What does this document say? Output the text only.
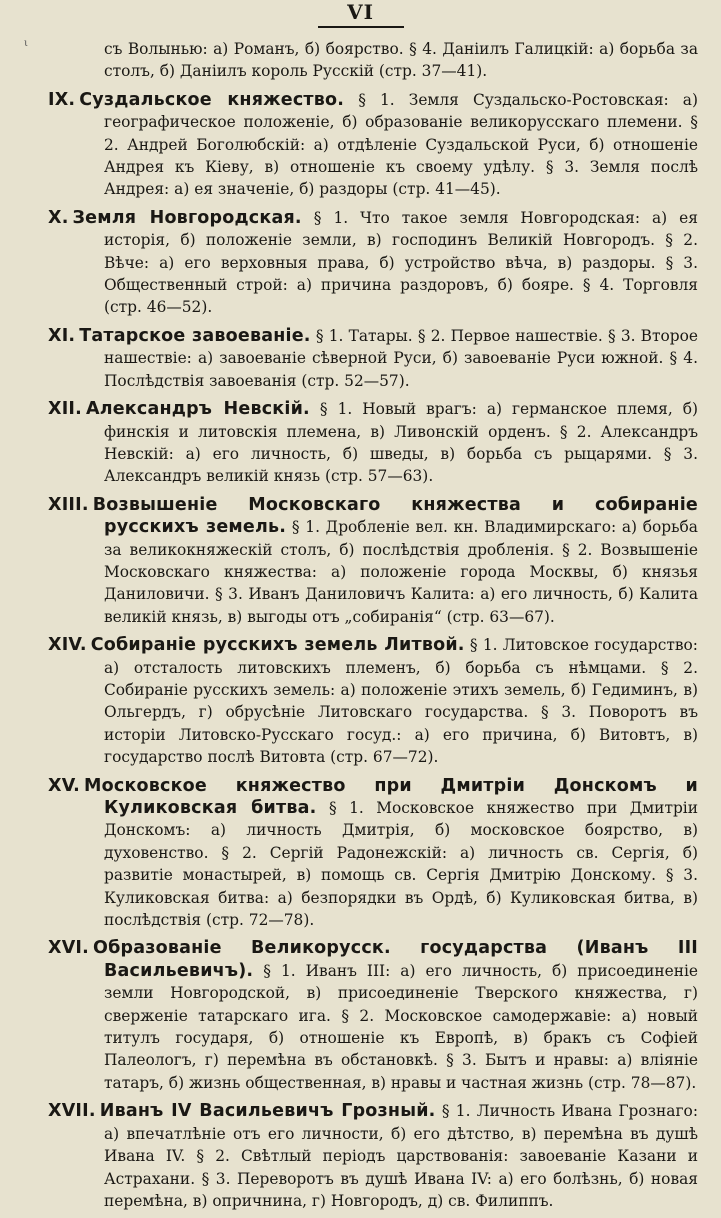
VI
ι	съ Волынью: а) Романъ, б) боярство. § 4. Даніилъ Галицкій: а) борьба за столъ, б) Даніилъ король Русскій (стр. 37—41).

IX. Суздальское княжество. § 1. Земля Суздальско-Ростовская: а) географическое положеніе, б) образованіе великорусскаго племени. § 2. Андрей Боголюбскій: а) отдѣленіе Суздальской Руси, б) отношеніе Андрея къ Кіеву, в) отношеніе къ своему удѣлу. § 3. Земля послѣ Андрея: а) ея значеніе, б) раздоры (стр. 41—45).

X. Земля Новгородская. § 1. Что такое земля Новгородская: а) ея исторія, б) положеніе земли, в) господинъ Великій Новгородъ. § 2. Вѣче: а) его верховныя права, б) устройство вѣча, в) раздоры. § 3. Общественный строй: а) причина раздоровъ, б) бояре. § 4. Торговля (стр. 46—52).

XI. Татарское завоеваніе. § 1. Татары. § 2. Первое нашествіе. § 3. Второе нашествіе: а) завоеваніе сѣверной Руси, б) завоеваніе Руси южной. § 4. Послѣдствія завоеванія (стр. 52—57).

XII. Александръ Невскій. § 1. Новый врагъ: а) германское племя, б) финскія и литовскія племена, в) Ливонскій орденъ. § 2. Александръ Невскій: а) его личность, б) шведы, в) борьба съ рыцарями. § 3. Александръ великій князь (стр. 57—63).

XIII. Возвышеніе Московскаго княжества и собираніе русскихъ земель. § 1. Дробленіе вел. кн. Владимирскаго: а) борьба за великокняжескій столъ, б) послѣдствія дробленія. § 2. Возвышеніе Московскаго княжества: а) положеніе города Москвы, б) князья Даниловичи. § 3. Иванъ Даниловичъ Калита: а) его личность, б) Калита великій князь, в) выгоды отъ „собиранія“ (стр. 63—67).

XIV. Собираніе русскихъ земель Литвой. § 1. Литовское государство: а) отсталость литовскихъ племенъ, б) борьба съ нѣмцами. § 2. Собираніе русскихъ земель: а) положеніе этихъ земель, б) Гедиминъ, в) Ольгердъ, г) обрусѣніе Литовскаго государства. § 3. Поворотъ въ исторіи Литовско-Русскаго госуд.: а) его причина, б) Витовтъ, в) государство послѣ Витовта (стр. 67—72).

XV. Московское княжество при Дмитріи Донскомъ и Куликовская битва. § 1. Московское княжество при Дмитріи Донскомъ: а) личность Дмитрія, б) московское боярство, в) духовенство. § 2. Сергій Радонежскій: а) личность св. Сергія, б) развитіе монастырей, в) помощь св. Сергія Дмитрію Донскому. § 3. Куликовская битва: а) безпорядки въ Ордѣ, б) Куликовская битва, в) послѣдствія (стр. 72—78).

XVI. Образованіе Великорусск. государства (Иванъ III Васильевичъ). § 1. Иванъ III: а) его личность, б) присоединеніе земли Новгородской, в) присоединеніе Тверского княжества, г) сверженіе татарскаго ига. § 2. Московское самодержавіе: а) новый титулъ государя, б) отношеніе къ Европѣ, в) бракъ съ Софіей Палеологъ, г) перемѣна въ обстановкѣ. § 3. Бытъ и нравы: а) вліяніе татаръ, б) жизнь общественная, в) нравы и частная жизнь (стр. 78—87).

XVII. Иванъ IV Васильевичъ Грозный. § 1. Личность Ивана Грознаго: а) впечатлѣніе отъ его личности, б) его дѣтство, в) перемѣна въ душѣ Ивана IV. § 2. Свѣтлый періодъ царствованія: завоеваніе Казани и Астрахани. § 3. Переворотъ въ душѣ Ивана IV: а) его болѣзнь, б) новая перемѣна, в) опричнина, г) Новгородъ, д) св. Филиппъ.
